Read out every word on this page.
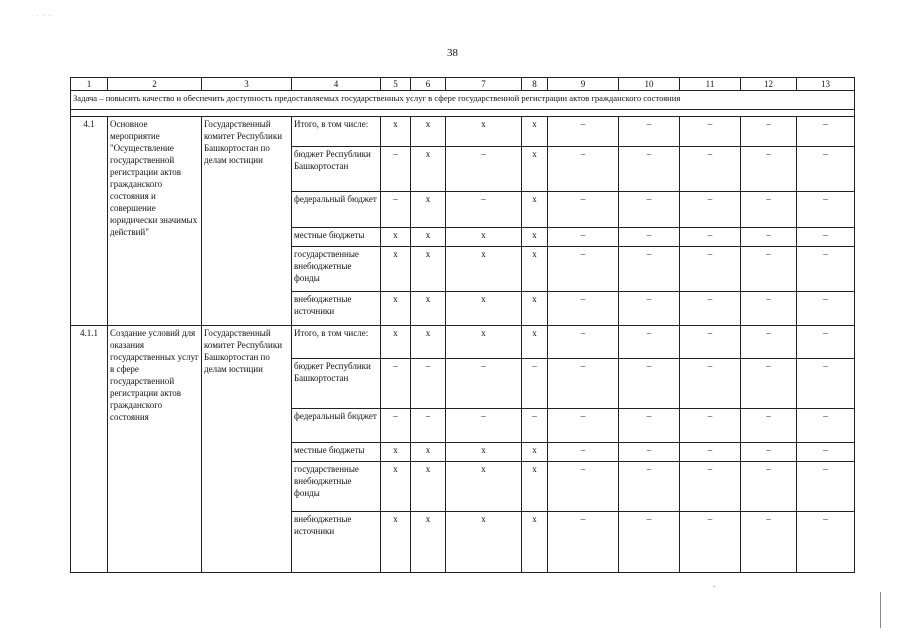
· · ·
38
1	2	3	4	5	6	7	8	9	10	11	12	13
Задача – повысить качество и обеспечить доступность предоставляемых государственных услуг в сфере государственной регистрации актов гражданского состояния												

4.1	Основное мероприятие "Осуществление государственной регистрации актов гражданского состояния и совершение юридически значимых действий"	Государственный комитет Республики Башкортостан по делам юстиции	Итого, в том числе:	x	x	x	x	–	–	–	–	–
			бюджет Республики Башкортостан	–	x	–	x	–	–	–	–	–
			федеральный бюджет	–	x	–	x	–	–	–	–	–
			местные бюджеты	x	x	x	x	–	–	–	–	–
			государственные внебюджетные фонды	x	x	x	x	–	–	–	–	–
			внебюджетные источники	x	x	x	x	–	–	–	–	–
4.1.1	Создание условий для оказания государственных услуг в сфере государственной регистрации актов гражданского состояния	Государственный комитет Республики Башкортостан по делам юстиции	Итого, в том числе:	x	x	x	x	–	–	–	–	–
			бюджет Республики Башкортостан	–	–	–	–	–	–	–	–	–
			федеральный бюджет	–	–	–	–	–	–	–	–	–
			местные бюджеты	x	x	x	x	–	–	–	–	–
			государственные внебюджетные фонды	x	x	x	x	–	–	–	–	–
			внебюджетные источники	x	x	x	x	–	–	–	–	–
